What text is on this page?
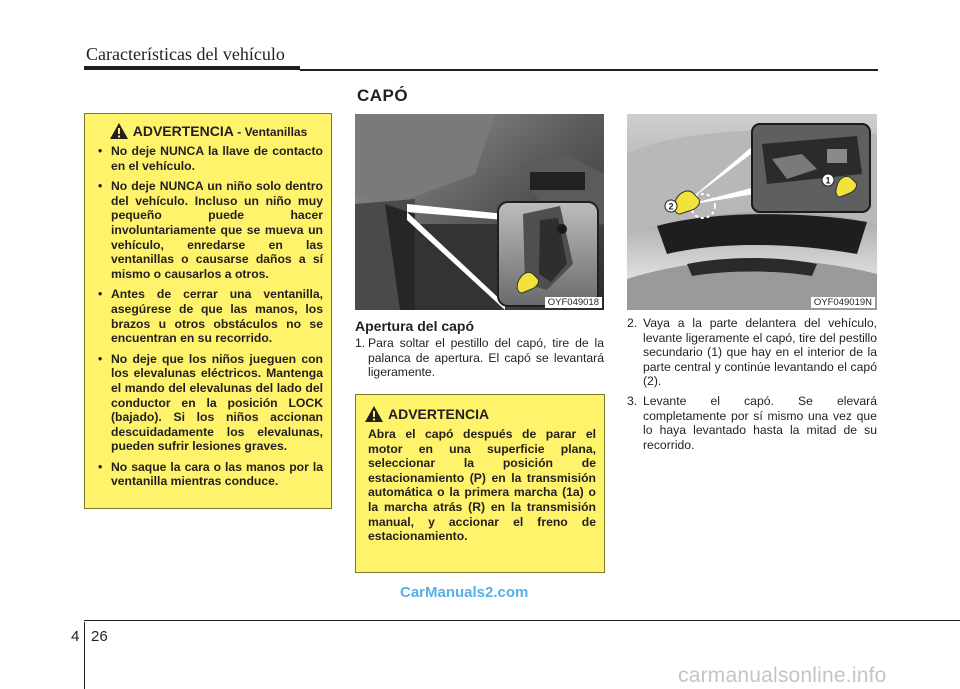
Características del vehículo
CAPÓ
ADVERTENCIA - Ventanillas
• No deje NUNCA la llave de contacto en el vehículo.
• No deje NUNCA un niño solo dentro del vehículo. Incluso un niño muy pequeño puede hacer involuntariamente que se mueva un vehículo, enredarse en las ventanillas o causarse daños a sí mismo o causarlos a otros.
• Antes de cerrar una ventanilla, asegúrese de que las manos, los brazos u otros obstáculos no se encuentran en su recorrido.
• No deje que los niños jueguen con los elevalunas eléctricos. Mantenga el mando del elevalunas del lado del conductor en la posición LOCK (bajado). Si los niños accionan descuidadamente los elevalunas, pueden sufrir lesiones graves.
• No saque la cara o las manos por la ventanilla mientras conduce.
OYF049018
2
1
OYF049019N
Apertura del capó
1. Para soltar el pestillo del capó, tire de la palanca de apertura. El capó se levantará ligeramente.
2. Vaya a la parte delantera del vehículo, levante ligeramente el capó, tire del pestillo secundario (1) que hay en el interior de la parte central y continúe levantando el capó (2).
3. Levante el capó. Se elevará completamente por sí mismo una vez que lo haya levantado hasta la mitad de su recorrido.
ADVERTENCIA
Abra el capó después de parar el motor en una superficie plana, seleccionar la posición de estacionamiento (P) en la transmisión automática o la primera marcha (1a) o la marcha atrás (R) en la transmisión manual, y accionar el freno de estacionamiento.
CarManuals2.com
4 26
carmanualsonline.info
